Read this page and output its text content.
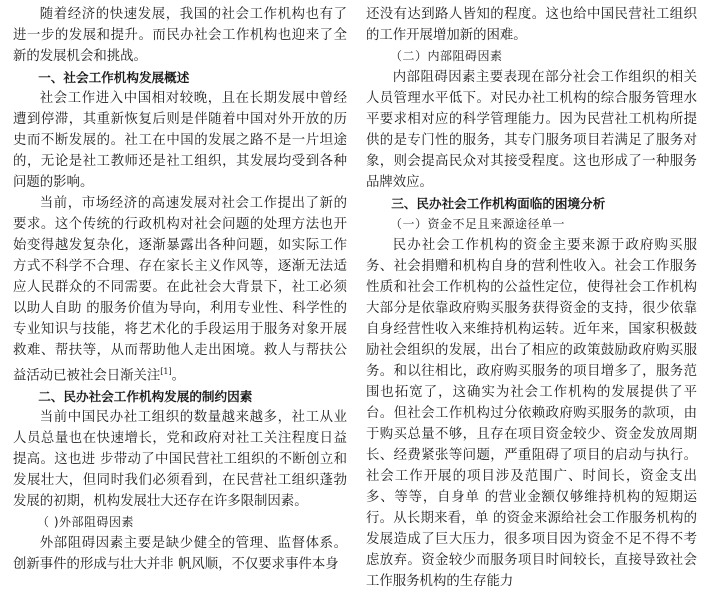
随着经济的快速发展，我国的社会工作机构也有了进一步的发展和提升。而民办社会工作机构也迎来了全新的发展机会和挑战。

一、社会工作机构发展概述

社会工作进入中国相对较晚，且在长期发展中曾经遭到停滞，其重新恢复后则是伴随着中国对外开放的历史而不断发展的。社工在中国的发展之路不是一片坦途的，无论是社工教师还是社工组织，其发展均受到各种问题的影响。

当前，市场经济的高速发展对社会工作提出了新的要求。这个传统的行政机构对社会问题的处理方法也开始变得越发复杂化，逐渐暴露出各种问题，如实际工作方式不科学不合理、存在家长主义作风等，逐渐无法适应人民群众的不同需要。在此社会大背景下，社工必须以助人自助 的服务价值为导向，利用专业性、科学性的专业知识与技能，将艺术化的手段运用于服务对象开展救难、帮扶等，从而帮助他人走出困境。救人与帮扶公益活动已被社会日渐关注[1]。

二、民办社会工作机构发展的制约因素

当前中国民办社工组织的数量越来越多，社工从业人员总量也在快速增长，党和政府对社工关注程度日益提高。这也进 步带动了中国民营社工组织的不断创立和发展壮大，但同时我们必须看到，在民营社工组织蓬勃发展的初期，机构发展壮大还存在许多限制因素。

（ )外部阻碍因素

外部阻碍因素主要是缺少健全的管理、监督体系。创新事件的形成与壮大并非 帆风顺，不仅要求事件本身

还没有达到路人皆知的程度。这也给中国民营社工组织的工作开展增加新的困难。

（二）内部阻碍因素

内部阻碍因素主要表现在部分社会工作组织的相关人员管理水平低下。对民办社工机构的综合服务管理水平要求相对应的科学管理能力。因为民营社工机构所提供的是专门性的服务，其专门服务项目若满足了服务对象，则会提高民众对其接受程度。这也形成了一种服务品牌效应。

三、民办社会工作机构面临的困境分析

（一）资金不足且来源途径单一

民办社会工作机构的资金主要来源于政府购买服务、社会捐赠和机构自身的营利性收入。社会工作服务性质和社会工作机构的公益性定位，使得社会工作机构大部分是依靠政府购买服务获得资金的支持，很少依靠自身经营性收入来维持机构运转。近年来，国家积极鼓励社会组织的发展，出台了相应的政策鼓励政府购买服务。和以往相比，政府购买服务的项目增多了，服务范围也拓宽了，这确实为社会工作机构的发展提供了平台。但社会工作机构过分依赖政府购买服务的款项，由于购买总量不够，且存在项目资金较少、资金发放周期长、经费紧张等问题，严重阻碍了项目的启动与执行。社会工作开展的项目涉及范围广、时间长，资金支出多、等等，自身单 的营业金额仅够维持机构的短期运行。从长期来看，单 的资金来源给社会工作服务机构的发展造成了巨大压力，很多项目因为资金不足不得不考虑放弃。资金较少而服务项目时间较长，直接导致社会工作服务机构的生存能力
